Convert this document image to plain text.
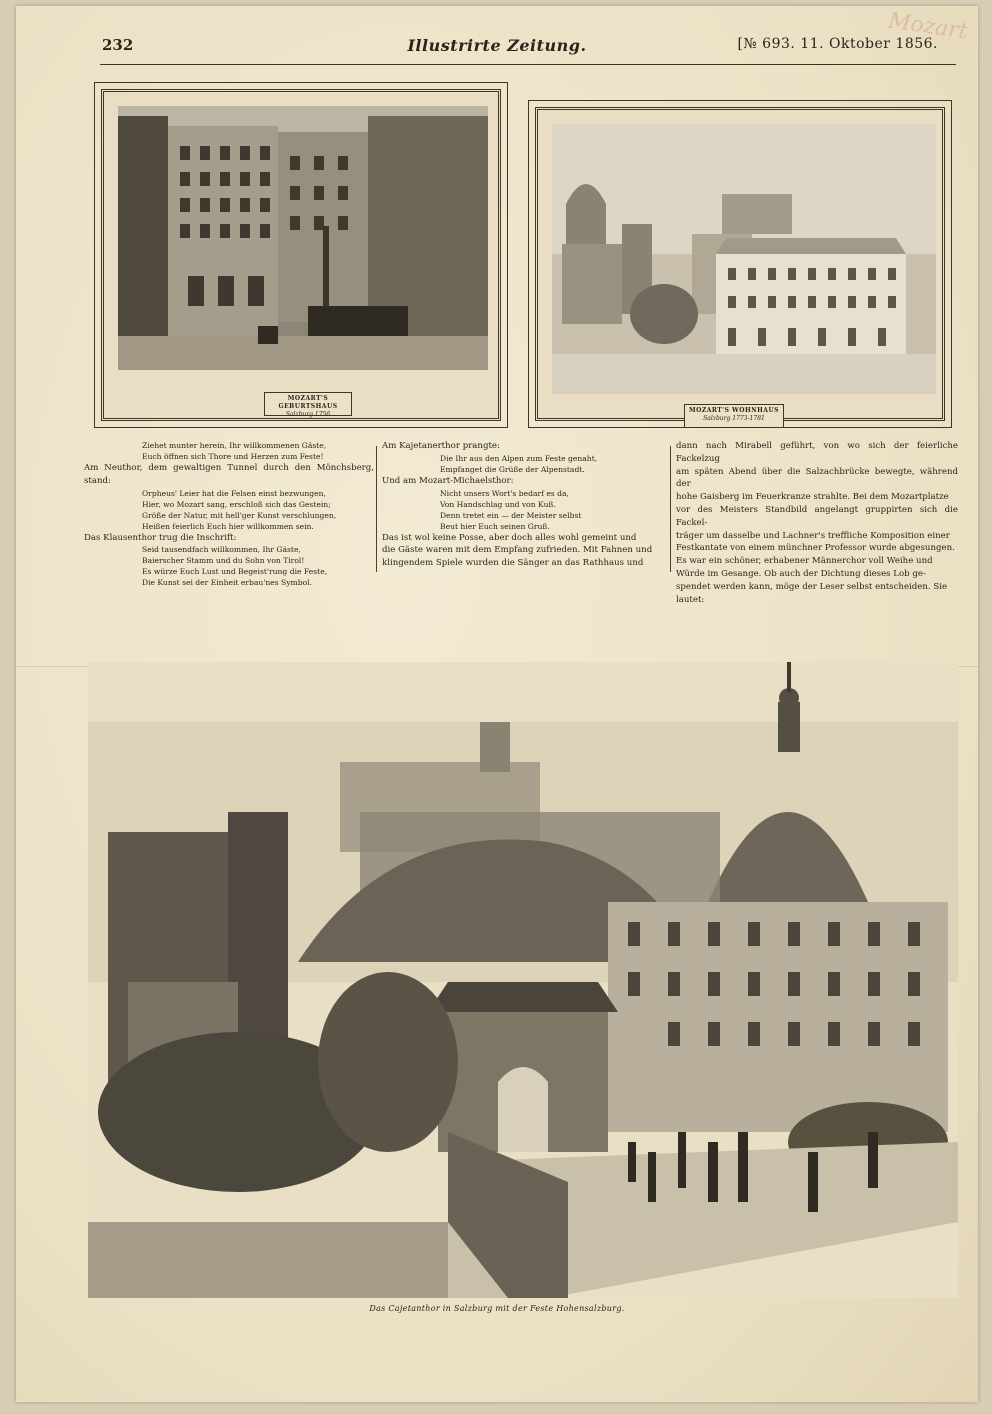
Mozart
232	Illustrirte Zeitung.	[№ 693. 11. Oktober 1856.
MOZART'S GEBURTSHAUS
Salzburg 1756
MOZART'S WOHNHAUS
Salzburg 1773-1781

Ziehet munter herein, Ihr willkommenen Gäste,

Euch öffnen sich Thore und Herzen zum Feste!

Am Neuthor, dem gewaltigen Tunnel durch den Mönchsberg, stand:

Orpheus' Leier hat die Felsen einst bezwungen,

Hier, wo Mozart sang, erschloß sich das Gestein;

Größe der Natur, mit hell'ger Kunst verschlungen,

Heißen feierlich Euch hier willkommen sein.

Das Klausenthor trug die Inschrift:

Seid tausendfach willkommen, Ihr Gäste,

Baierscher Stamm und du Sohn von Tirol!

Es würze Euch Lust und Begeist'rung die Feste,

Die Kunst sei der Einheit erbau'nes Symbol.

Am Kajetanerthor prangte:

Die Ihr aus den Alpen zum Feste genaht,

Empfanget die Grüße der Alpenstadt.

Und am Mozart-Michaelsthor:

Nicht unsers Wort's bedarf es da,

Von Handschlag und von Kuß.

Denn tretet ein — der Meister selbst

Beut hier Euch seinen Gruß.

Das ist wol keine Posse, aber doch alles wohl gemeint und

die Gäste waren mit dem Empfang zufrieden. Mit Fahnen und

klingendem Spiele wurden die Sänger an das Rathhaus und

dann nach Mirabell geführt, von wo sich der feierliche Fackelzug

am späten Abend über die Salzachbrücke bewegte, während der

hohe Gaisberg im Feuerkranze strahlte. Bei dem Mozartplatze

vor des Meisters Standbild angelangt gruppirten sich die Fackel-

träger um dasselbe und Lachner's treffliche Komposition einer

Festkantate von einem münchner Professor wurde abgesungen.

Es war ein schöner, erhabener Männerchor voll Weihe und

Würde im Gesange. Ob auch der Dichtung dieses Lob ge-

spendet werden kann, möge der Leser selbst entscheiden. Sie

lautet:

Das Cajetanthor in Salzburg mit der Feste Hohensalzburg.
